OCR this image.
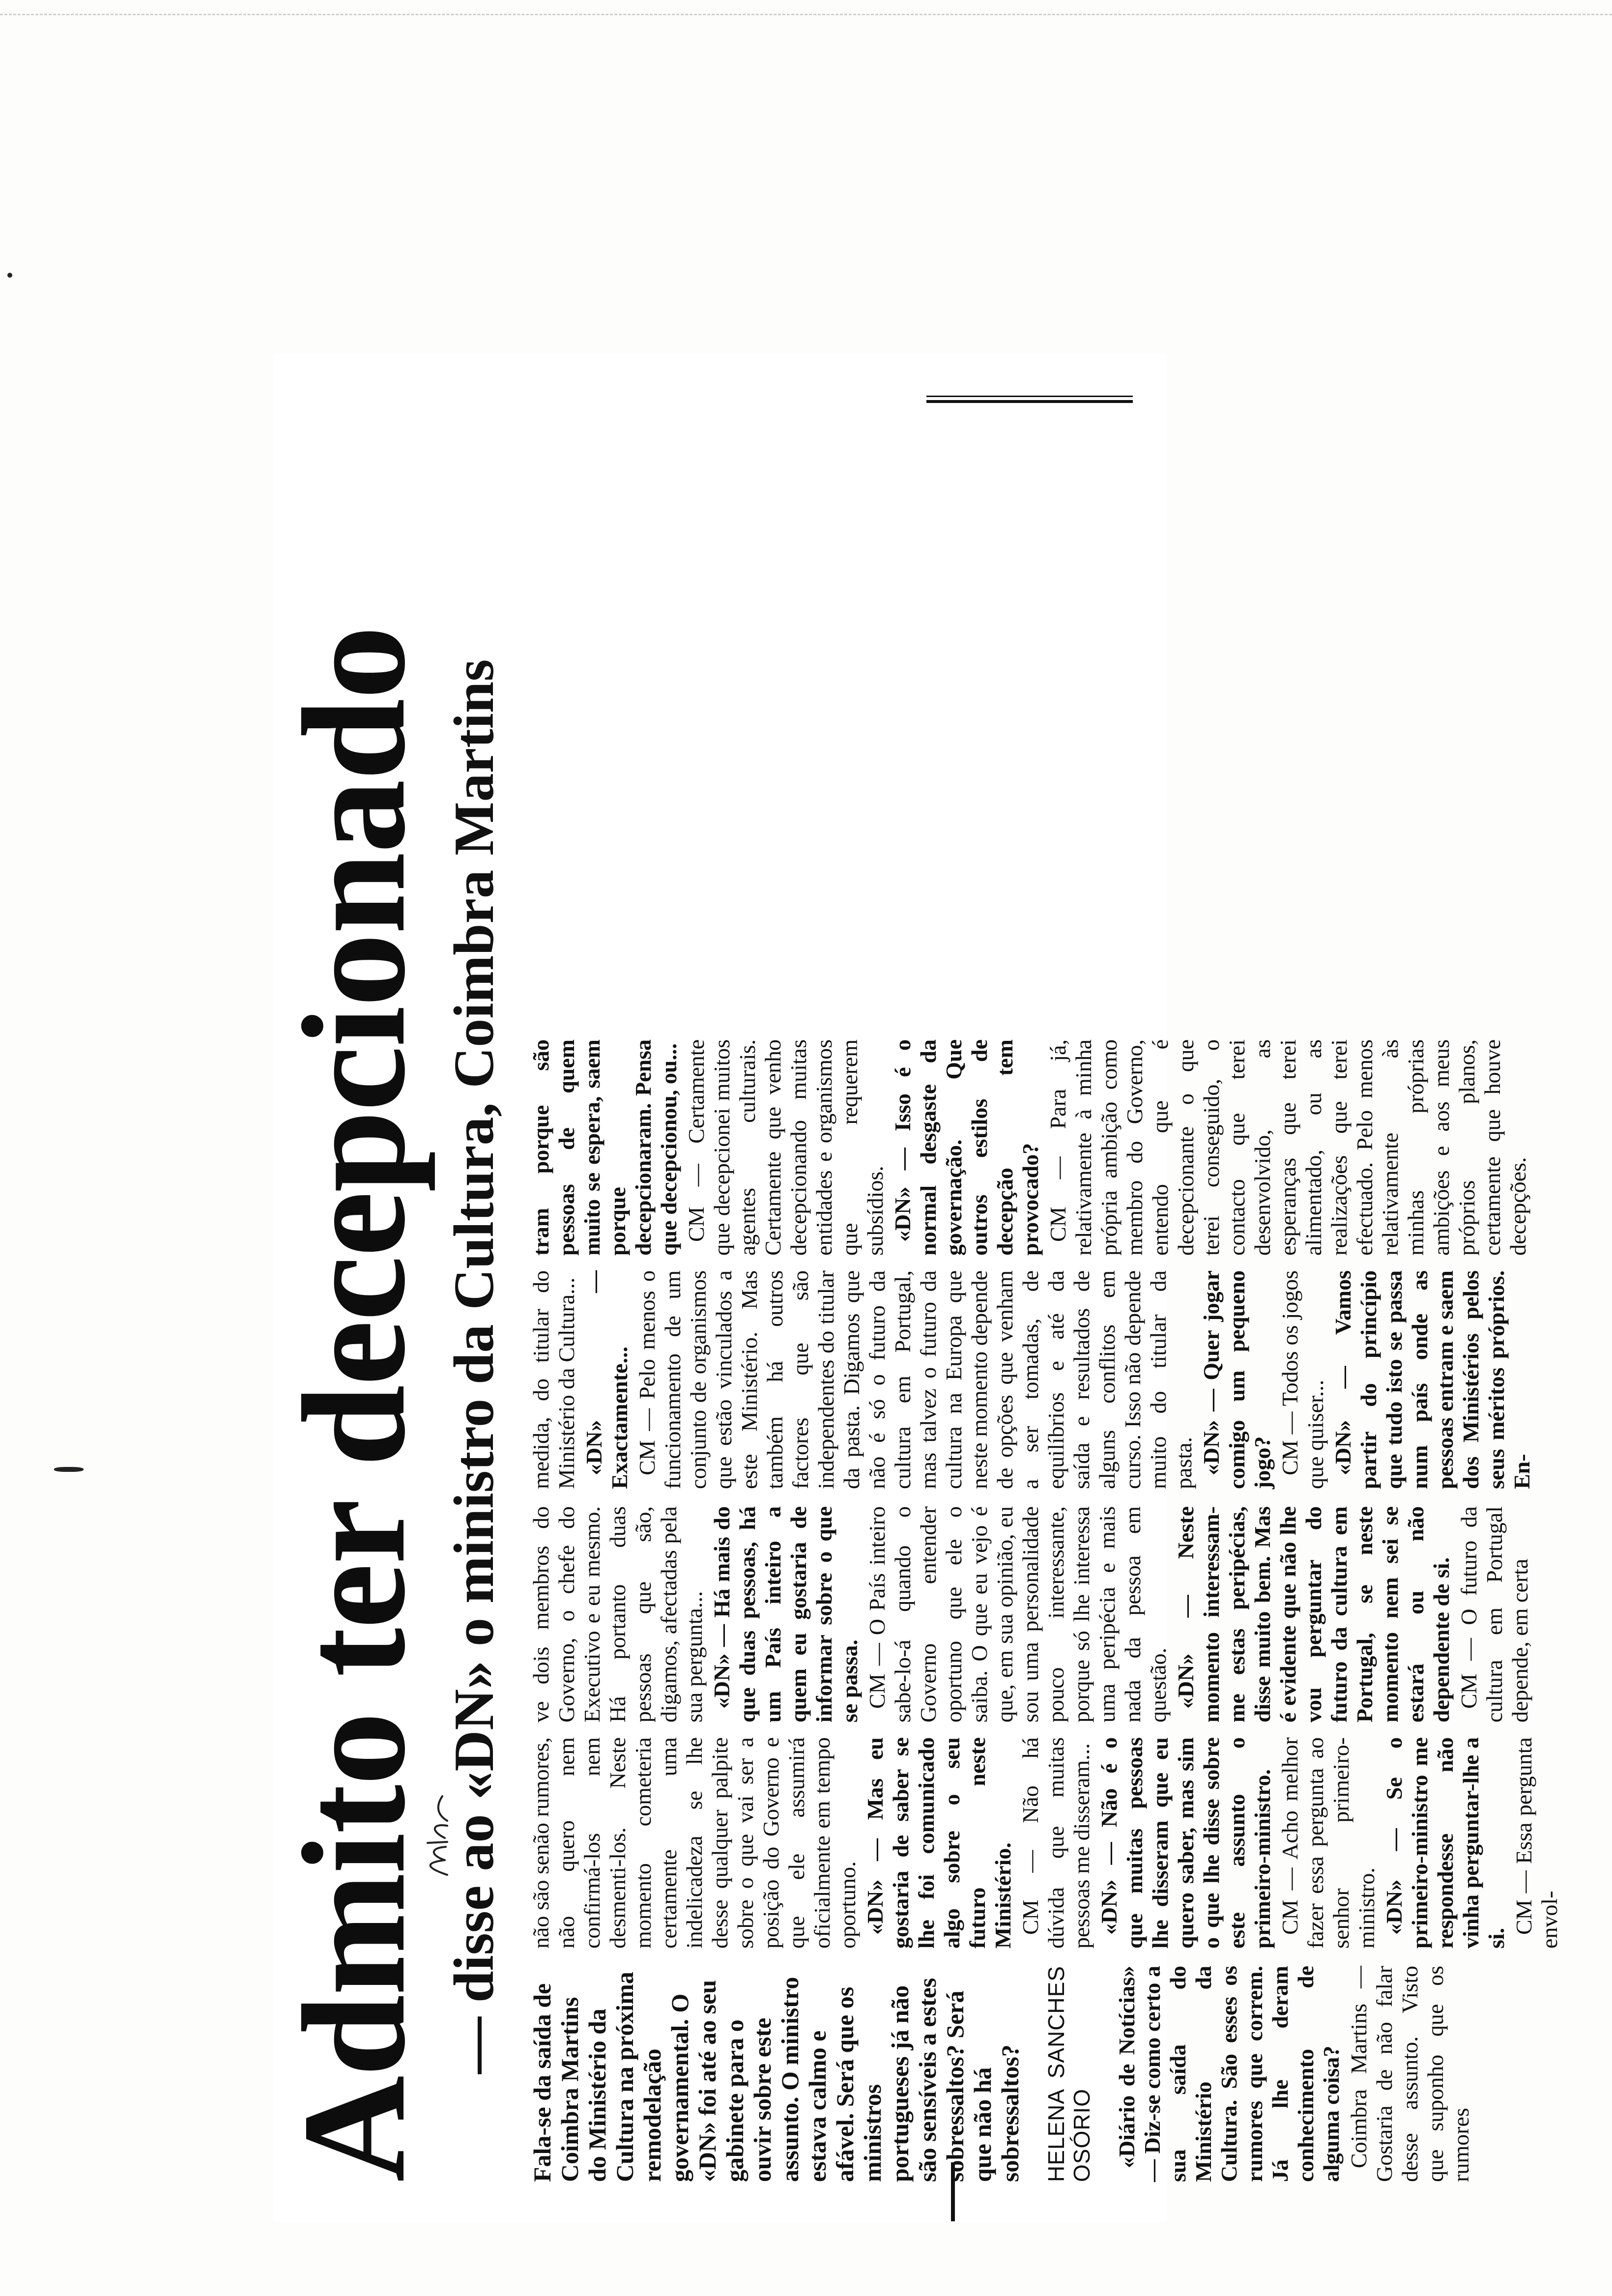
Admito ter decepcionado — disse ao «DN» o ministro da Cultura, Coimbra Martins

Fala-se da saída de Coimbra Martins do Ministério da Cultura na próxima remodelação governamental. O «DN» foi até ao seu gabinete para o ouvir sobre este assunto. O ministro estava calmo e afável. Será que os ministros portugueses já não são sensíveis a estes sobressaltos? Será que não há sobressaltos? HELENA SANCHES OSÓRIO «Diário de Notícias» — Diz-se como certo a sua saída do Ministério da Cultura. São esses os rumores que correm. Já lhe deram conhecimento de alguma coisa? Coimbra Martins — Gostaria de não falar desse assunto. Visto que suponho que os rumores

não são senão rumores, não quero nem confirmá-los nem desmenti-los. Neste momento cometeria certamente uma indelicadeza se lhe desse qualquer palpite sobre o que vai ser a posição do Governo e que ele assumirá oficialmente em tempo oportuno. «DN» — Mas eu gostaria de saber se lhe foi comunicado algo sobre o seu futuro neste Ministério. CM — Não há dúvida que muitas pessoas me disseram... «DN» — Não é o que muitas pessoas lhe disseram que eu quero saber, mas sim o que lhe disse sobre este assunto o primeiro-ministro. CM — Acho melhor fazer essa pergunta ao senhor primeiro-ministro. «DN» — Se o primeiro-ministro me respondesse não vinha perguntar-lhe a si.

CM — Essa pergunta envol-

ve dois membros do Governo, o chefe do Executivo e eu mesmo. Há portanto duas pessoas que são, digamos, afectadas pela sua pergunta... «DN» — Há mais do que duas pessoas, há um País inteiro a quem eu gostaria de informar sobre o que se passa. CM — O País inteiro sabe-lo-á quando o Governo entender oportuno que ele o saiba. O que eu vejo é que, em sua opinião, eu sou uma personalidade pouco interessante, porque só lhe interessa uma peripécia e mais nada da pessoa em questão. «DN» — Neste momento interessam-me estas peripécias, disse muito bem. Mas é evidente que não lhe vou perguntar do futuro da cultura em Portugal, se neste momento nem sei se estará ou não dependente de si. CM — O futuro da cultura em Portugal depende, em certa

medida, do titular do Ministério da Cultura... «DN» — Exactamente... CM — Pelo menos o funcionamento de um conjunto de organismos que estão vinculados a este Ministério. Mas também há outros factores que são independentes do titular da pasta. Digamos que não é só o futuro da cultura em Portugal, mas talvez o futuro da cultura na Europa que neste momento depende de opções que venham a ser tomadas, de equilíbrios e até da saída e resultados de alguns conflitos em curso. Isso não depende muito do titular da pasta. «DN» — Quer jogar comigo um pequeno jogo? CM — Todos os jogos que quiser... «DN» — Vamos partir do princípio que tudo isto se passa num país onde as pessoas entram e saem dos Ministérios pelos seus méritos próprios. En-

tram porque são pessoas de quem muito se espera, saem porque decepcionaram. Pensa que decepcionou, ou... CM — Certamente que decepcionei muitos agentes culturais. Certamente que venho decepcionando muitas entidades e organismos que requerem subsídios. «DN» — Isso é o normal desgaste da governação. Que outros estilos de decepção tem provocado? CM — Para já, relativamente à minha própria ambição como membro do Governo, entendo que é decepcionante o que terei conseguido, o contacto que terei desenvolvido, as esperanças que terei alimentado, ou as realizações que terei efectuado. Pelo menos relativamente às minhas próprias ambições e aos meus próprios planos, certamente que houve decepções.
